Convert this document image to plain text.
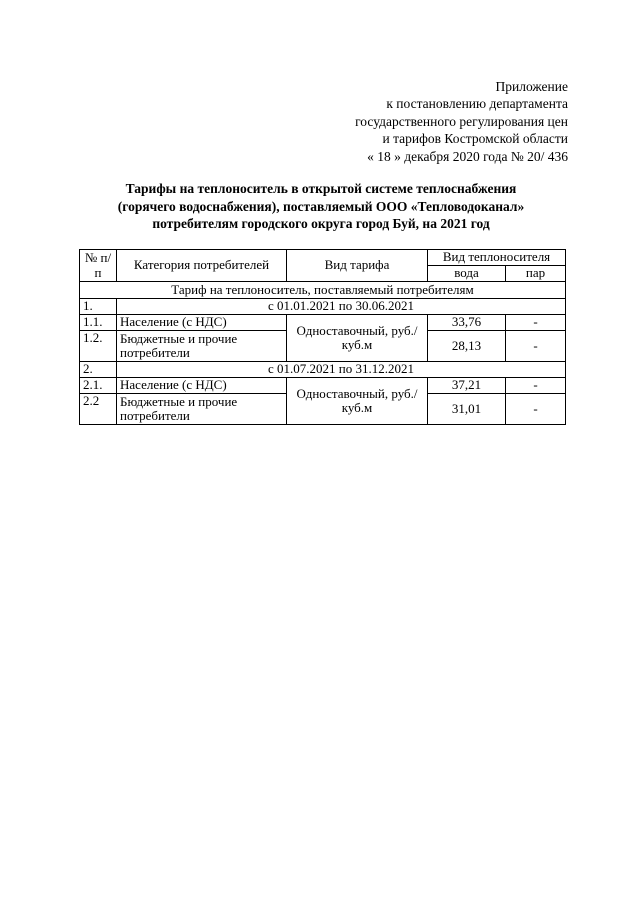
Приложение
к постановлению департамента
государственного регулирования цен
и тарифов Костромской области
« 18 » декабря 2020 года № 20/ 436
Тарифы на теплоноситель в открытой системе теплоснабжения
(горячего водоснабжения), поставляемый ООО «Тепловодоканал»
потребителям городского округа город Буй, на 2021 год
№ п/п	Категория потребителей	Вид тарифа	Вид теплоносителя	
			вода	пар
Тариф на теплоноситель, поставляемый потребителям				
1.	с 01.01.2021 по 30.06.2021			
1.1.	Население (с НДС)	Одноставочный, руб./куб.м	33,76	-
1.2.	Бюджетные и прочие потребители		28,13	-
2.	с 01.07.2021 по 31.12.2021			
2.1.	Население (с НДС)	Одноставочный, руб./куб.м	37,21	-
2.2	Бюджетные и прочие потребители		31,01	-
